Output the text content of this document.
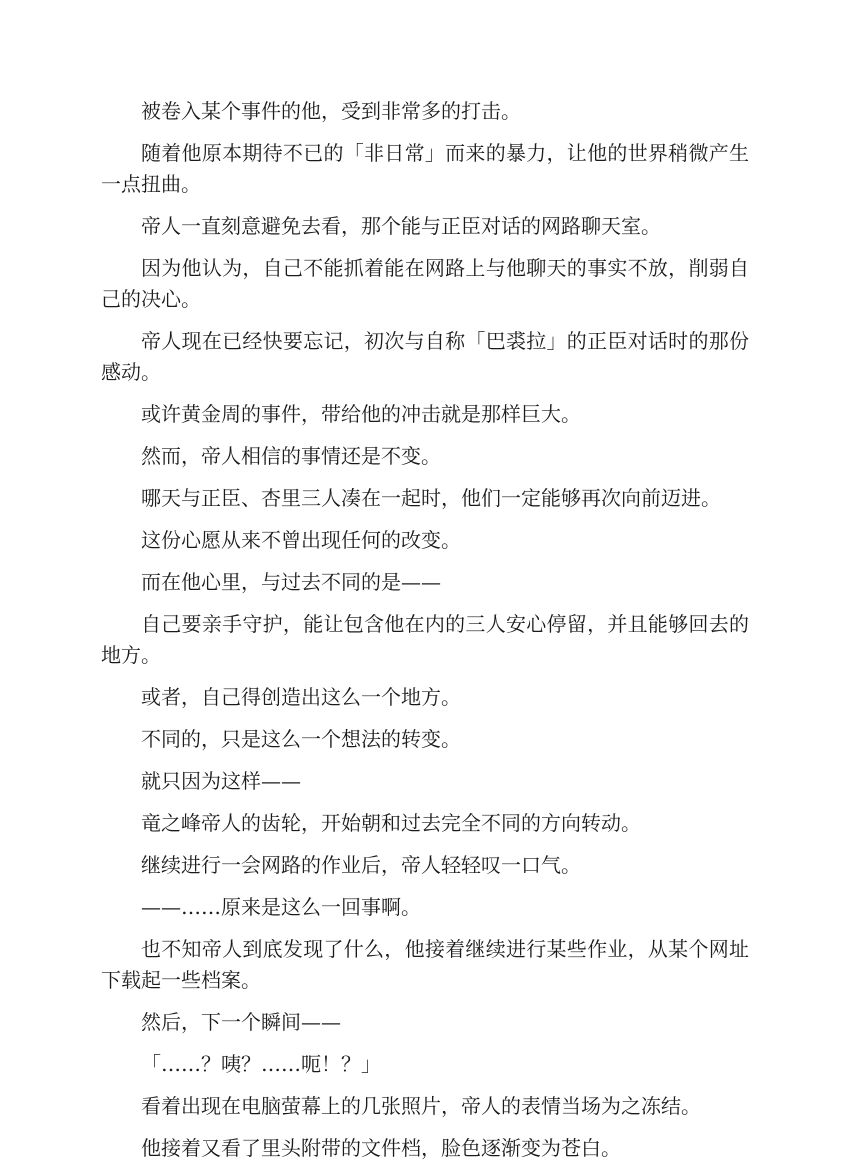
被卷入某个事件的他，受到非常多的打击。

随着他原本期待不已的「非日常」而来的暴力，让他的世界稍微产生一点扭曲。

帝人一直刻意避免去看，那个能与正臣对话的网路聊天室。

因为他认为，自己不能抓着能在网路上与他聊天的事实不放，削弱自己的决心。

帝人现在已经快要忘记，初次与自称「巴裘拉」的正臣对话时的那份感动。

或许黄金周的事件，带给他的冲击就是那样巨大。

然而，帝人相信的事情还是不变。

哪天与正臣、杏里三人凑在一起时，他们一定能够再次向前迈进。

这份心愿从来不曾出现任何的改变。

而在他心里，与过去不同的是——

自己要亲手守护，能让包含他在内的三人安心停留，并且能够回去的地方。

或者，自己得创造出这么一个地方。

不同的，只是这么一个想法的转变。

就只因为这样——

竜之峰帝人的齿轮，开始朝和过去完全不同的方向转动。

继续进行一会网路的作业后，帝人轻轻叹一口气。

——……原来是这么一回事啊。

也不知帝人到底发现了什么，他接着继续进行某些作业，从某个网址下载起一些档案。

然后，下一个瞬间——

「……？咦？……呃！？」

看着出现在电脑萤幕上的几张照片，帝人的表情当场为之冻结。

他接着又看了里头附带的文件档，脸色逐渐变为苍白。
